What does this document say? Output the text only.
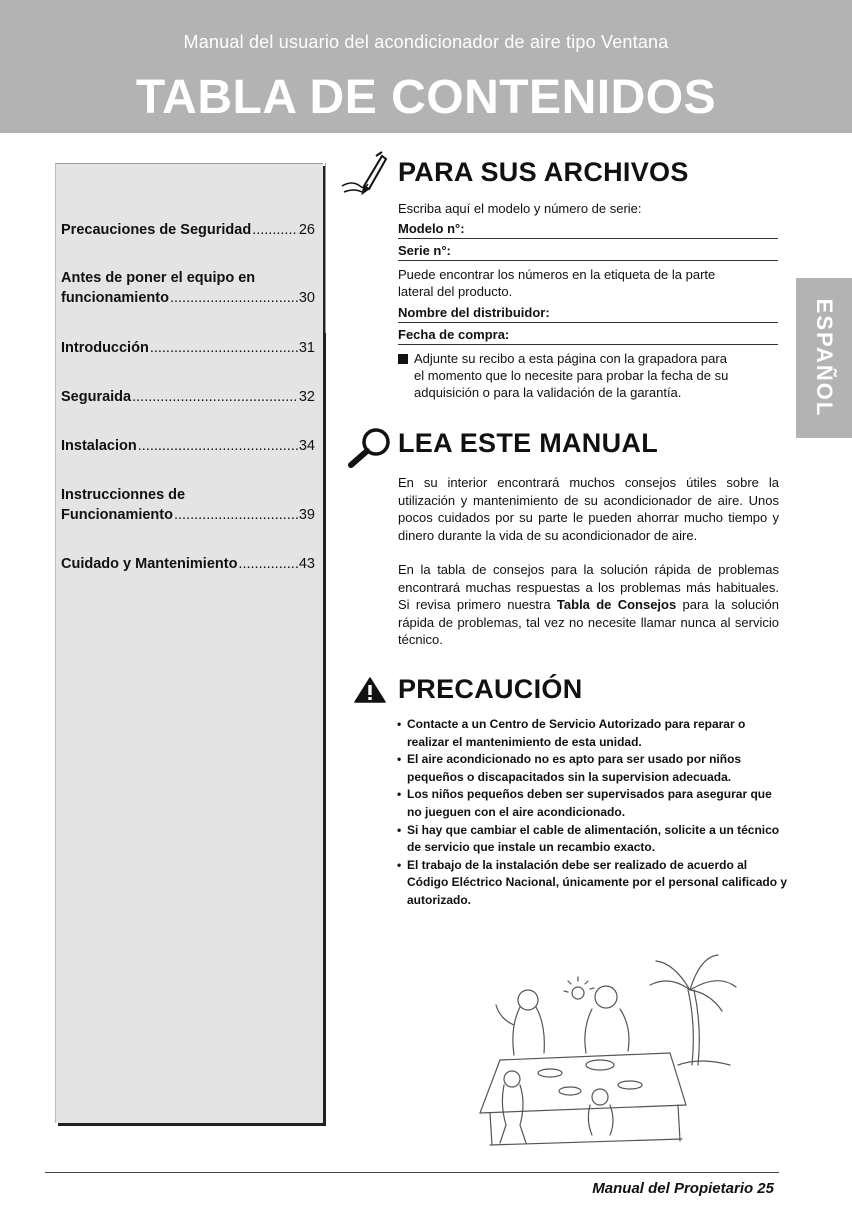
Manual del usuario del acondicionador de aire tipo Ventana
TABLA DE CONTENIDOS
Precauciones de Seguridad .....	26
Antes de poner el equipo en
funcionamiento .....	30
Introducción .....	31
Seguraida .....	32
Instalacion .....	34
Instruccionnes de
Funcionamiento .....	39
Cuidado y Mantenimiento .....	43
PARA SUS ARCHIVOS
Escriba aquí el modelo y número de serie:
Modelo n°:
Serie n°:
Puede encontrar los números en la etiqueta de la parte
lateral del producto.
Nombre del distribuidor:
Fecha de compra:
Adjunte su recibo a esta página con la grapadora para
el momento que lo necesite para probar la fecha de su
adquisición o para la validación de la garantía.
LEA ESTE MANUAL
En su interior encontrará muchos consejos útiles sobre la utilización y mantenimiento de su acondicionador de aire. Unos pocos cuidados por su parte le pueden ahorrar mucho tiempo y dinero durante la vida de su acondicionador de aire.
En la tabla de consejos para la solución rápida de problemas encontrará muchas respuestas a los problemas más habituales. Si revisa primero nuestra Tabla de Consejos para la solución rápida de problemas, tal vez no necesite llamar nunca al servicio técnico.
PRECAUCIÓN
• Contacte a un Centro de Servicio Autorizado para reparar o
realizar el mantenimiento de esta unidad.
• El aire acondicionado no es apto para ser usado por niños
pequeños o discapacitados sin la supervision adecuada.
• Los niños pequeños deben ser supervisados para asegurar que
no jueguen con el aire acondicionado.
• Si hay que cambiar el cable de alimentación, solicite a un técnico
de servicio que instale un recambio exacto.
• El trabajo de la instalación debe ser realizado de acuerdo al
Código Eléctrico Nacional, únicamente por el personal calificado y
autorizado.
ESPAÑOL
Manual del Propietario 25
